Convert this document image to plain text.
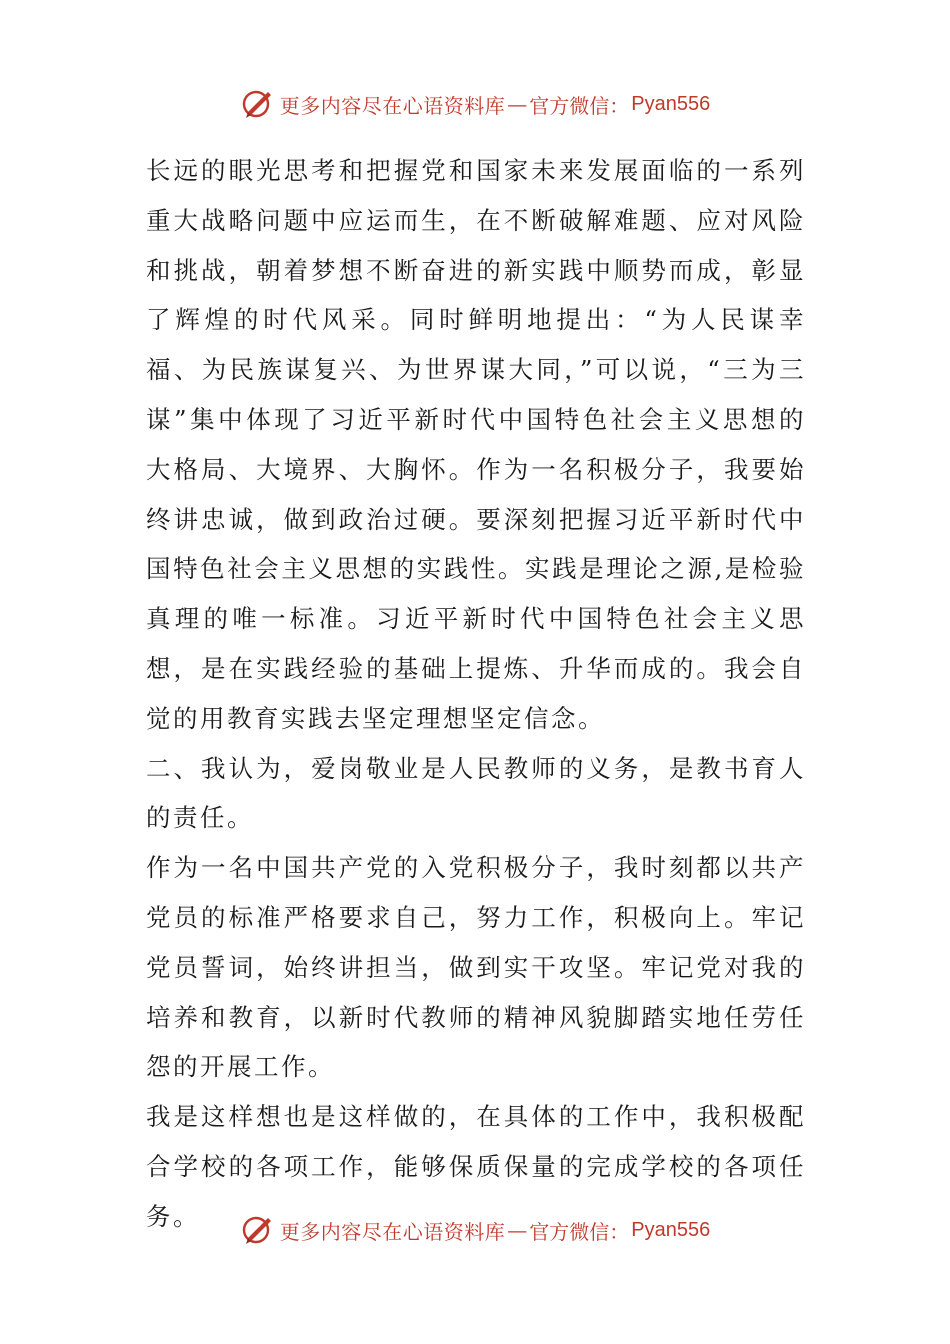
更多内容尽在心语资料库 — 官方微信： Pyan556

长远的眼光思考和把握党和国家未来发展面临的一系列重大战略问题中应运而生，在不断破解难题、应对风险和挑战，朝着梦想不断奋进的新实践中顺势而成，彰显了辉煌的时代风采。同时鲜明地提出：“为人民谋幸福、为民族谋复兴、为世界谋大同，”可以说，“三为三谋”集中体现了习近平新时代中国特色社会主义思想的大格局、大境界、大胸怀。作为一名积极分子，我要始终讲忠诚，做到政治过硬。要深刻把握习近平新时代中国特色社会主义思想的实践性。实践是理论之源,是检验真理的唯一标准。习近平新时代中国特色社会主义思想，是在实践经验的基础上提炼、升华而成的。我会自觉的用教育实践去坚定理想坚定信念。

二、我认为，爱岗敬业是人民教师的义务，是教书育人的责任。

作为一名中国共产党的入党积极分子，我时刻都以共产党员的标准严格要求自己，努力工作，积极向上。牢记党员誓词，始终讲担当，做到实干攻坚。牢记党对我的培养和教育，以新时代教师的精神风貌脚踏实地任劳任怨的开展工作。

我是这样想也是这样做的，在具体的工作中，我积极配合学校的各项工作，能够保质保量的完成学校的各项任务。

更多内容尽在心语资料库 — 官方微信： Pyan556
